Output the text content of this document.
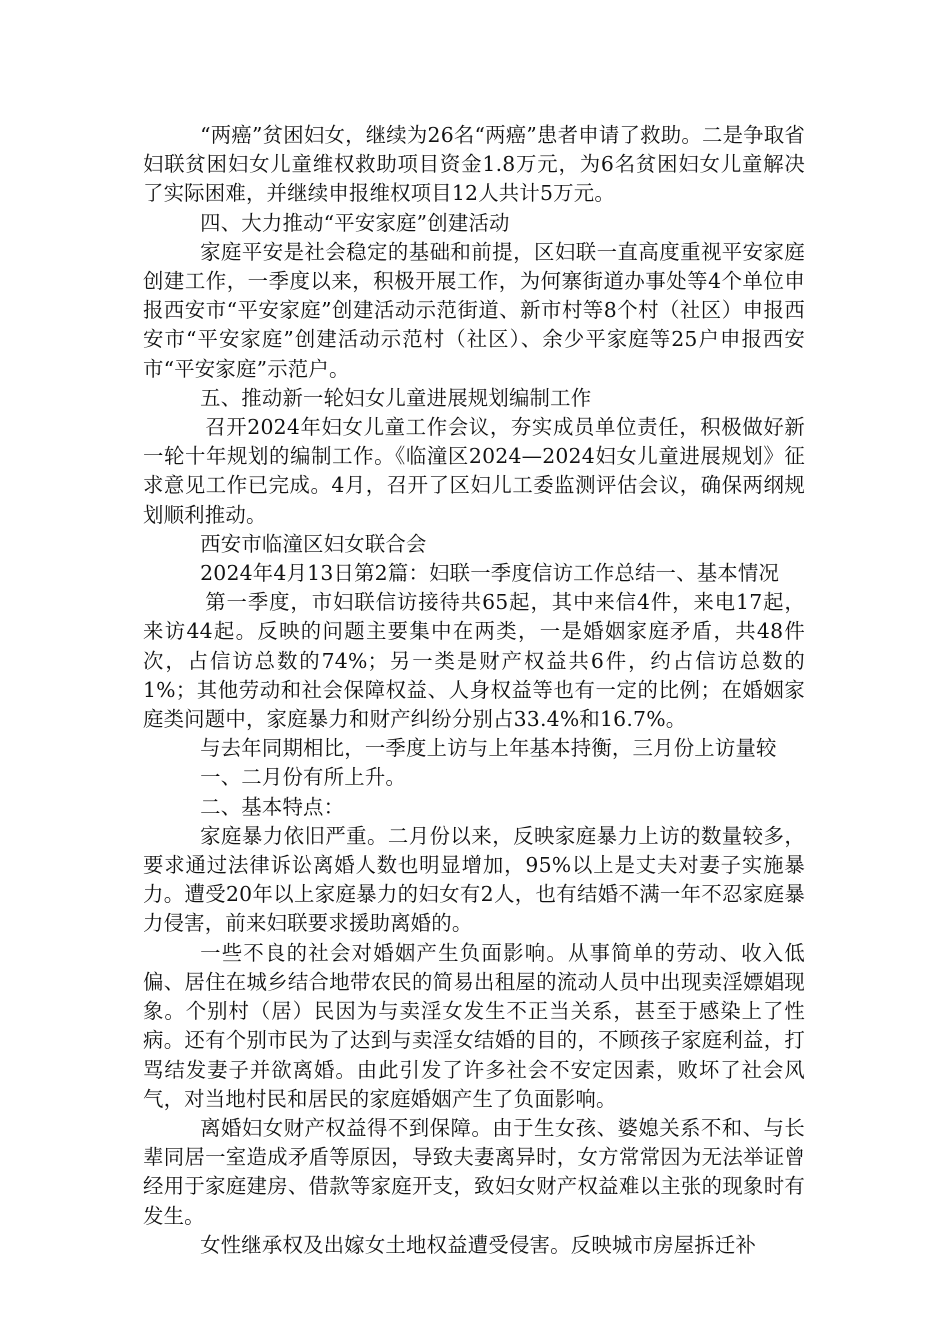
“两癌”贫困妇女，继续为26名“两癌”患者申请了救助。二是争取省妇联贫困妇女儿童维权救助项目资金1.8万元，为6名贫困妇女儿童解决了实际困难，并继续申报维权项目12人共计5万元。

四、大力推动“平安家庭”创建活动

家庭平安是社会稳定的基础和前提，区妇联一直高度重视平安家庭创建工作，一季度以来，积极开展工作，为何寨街道办事处等4个单位申报西安市“平安家庭”创建活动示范街道、新市村等8个村（社区）申报西安市“平安家庭”创建活动示范村（社区）、余少平家庭等25户申报西安市“平安家庭”示范户。

五、推动新一轮妇女儿童进展规划编制工作

召开2024年妇女儿童工作会议，夯实成员单位责任，积极做好新一轮十年规划的编制工作。《临潼区2024—2024妇女儿童进展规划》征求意见工作已完成。4月，召开了区妇儿工委监测评估会议，确保两纲规划顺利推动。

西安市临潼区妇女联合会

2024年4月13日第2篇：妇联一季度信访工作总结一、基本情况

第一季度，市妇联信访接待共65起，其中来信4件，来电17起，来访44起。反映的问题主要集中在两类，一是婚姻家庭矛盾，共48件次，占信访总数的74%；另一类是财产权益共6件，约占信访总数的1%；其他劳动和社会保障权益、人身权益等也有一定的比例；在婚姻家庭类问题中，家庭暴力和财产纠纷分别占33.4%和16.7%。

与去年同期相比，一季度上访与上年基本持衡，三月份上访量较

一、二月份有所上升。

二、基本特点：

家庭暴力依旧严重。二月份以来，反映家庭暴力上访的数量较多，要求通过法律诉讼离婚人数也明显增加，95%以上是丈夫对妻子实施暴力。遭受20年以上家庭暴力的妇女有2人，也有结婚不满一年不忍家庭暴力侵害，前来妇联要求援助离婚的。

一些不良的社会对婚姻产生负面影响。从事简单的劳动、收入低偏、居住在城乡结合地带农民的简易出租屋的流动人员中出现卖淫嫖娼现象。个别村（居）民因为与卖淫女发生不正当关系，甚至于感染上了性病。还有个别市民为了达到与卖淫女结婚的目的，不顾孩子家庭利益，打骂结发妻子并欲离婚。由此引发了许多社会不安定因素，败坏了社会风气，对当地村民和居民的家庭婚姻产生了负面影响。

离婚妇女财产权益得不到保障。由于生女孩、婆媳关系不和、与长辈同居一室造成矛盾等原因，导致夫妻离异时，女方常常因为无法举证曾经用于家庭建房、借款等家庭开支，致妇女财产权益难以主张的现象时有发生。

女性继承权及出嫁女土地权益遭受侵害。反映城市房屋拆迁补
